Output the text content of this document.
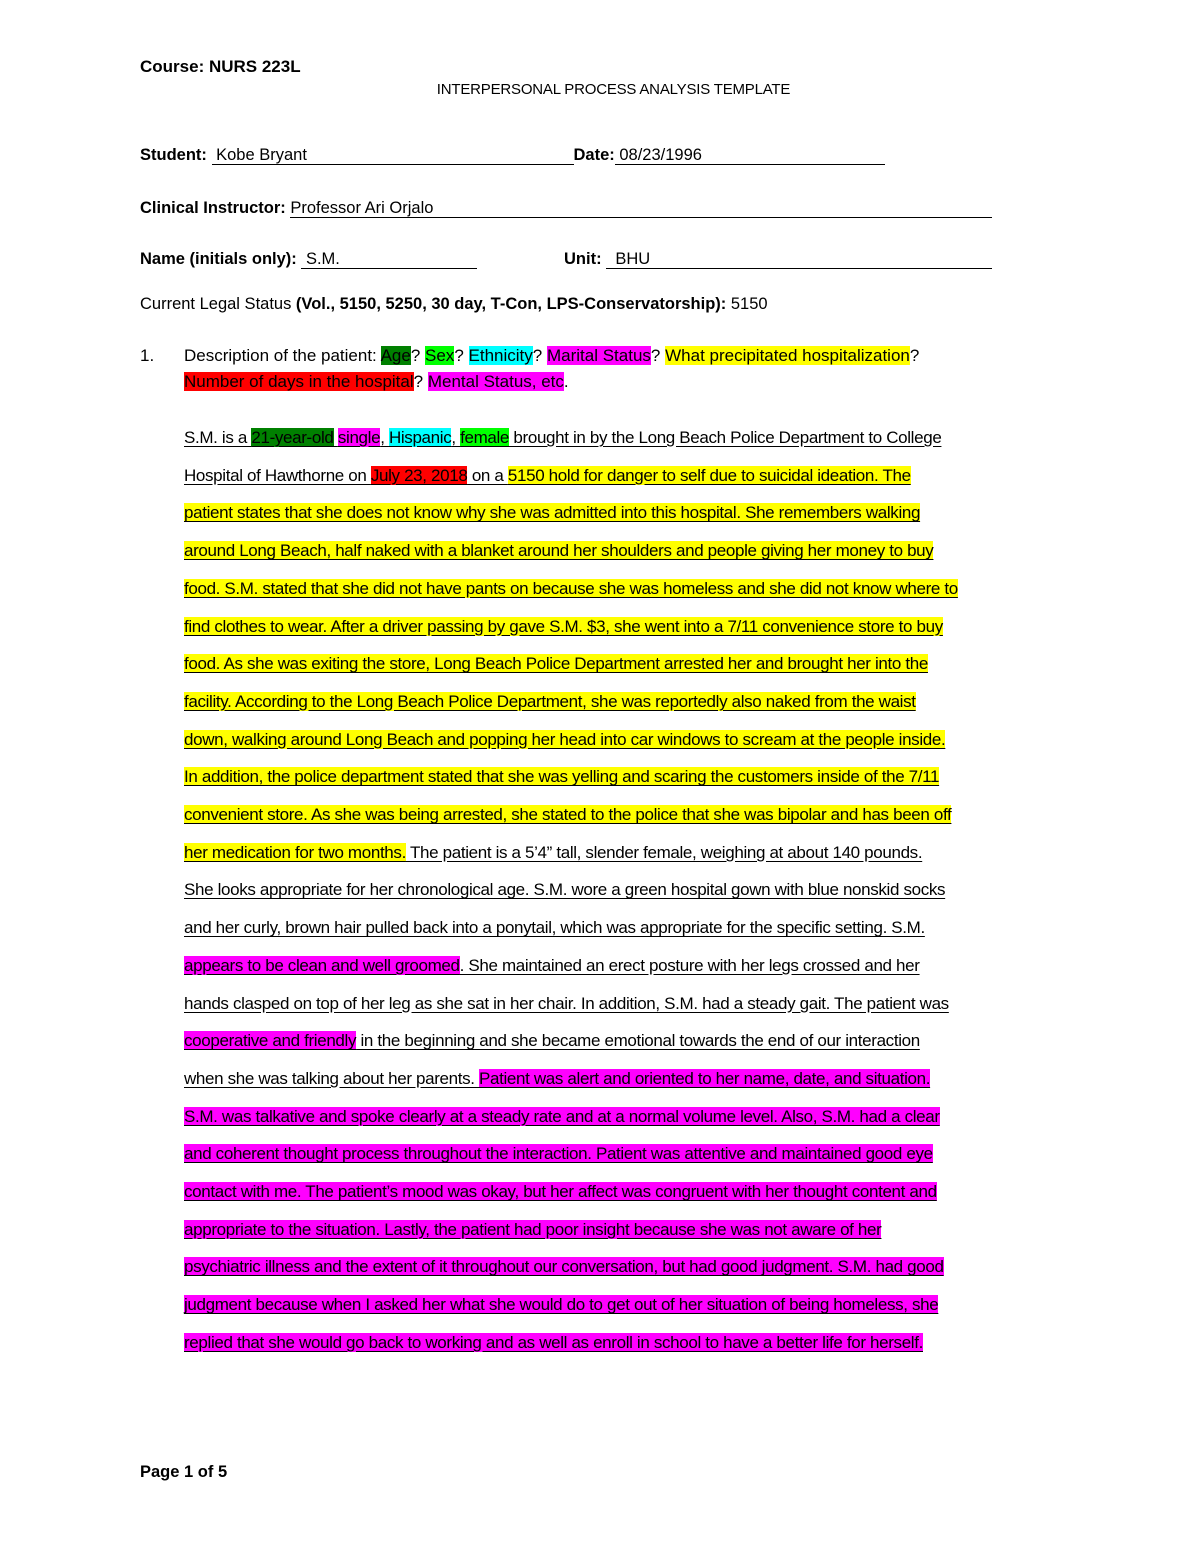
Course: NURS 223L
INTERPERSONAL PROCESS ANALYSIS TEMPLATE
Student: Kobe Bryant	Date: 08/23/1996
Clinical Instructor: Professor Ari Orjalo
Name (initials only): S.M.	Unit: BHU
Current Legal Status (Vol., 5150, 5250, 30 day, T-Con, LPS-Conservatorship): 5150
1. Description of the patient: Age? Sex? Ethnicity? Marital Status? What precipitated hospitalization?
Number of days in the hospital? Mental Status, etc.
S.M. is a 21-year-old single, Hispanic, female brought in by the Long Beach Police Department to College
Hospital of Hawthorne on July 23, 2018 on a 5150 hold for danger to self due to suicidal ideation. The
patient states that she does not know why she was admitted into this hospital. She remembers walking
around Long Beach, half naked with a blanket around her shoulders and people giving her money to buy
food. S.M. stated that she did not have pants on because she was homeless and she did not know where to
find clothes to wear. After a driver passing by gave S.M. $3, she went into a 7/11 convenience store to buy
food. As she was exiting the store, Long Beach Police Department arrested her and brought her into the
facility. According to the Long Beach Police Department, she was reportedly also naked from the waist
down, walking around Long Beach and popping her head into car windows to scream at the people inside.
In addition, the police department stated that she was yelling and scaring the customers inside of the 7/11
convenient store. As she was being arrested, she stated to the police that she was bipolar and has been off
her medication for two months. The patient is a 5’4” tall, slender female, weighing at about 140 pounds.
She looks appropriate for her chronological age. S.M. wore a green hospital gown with blue nonskid socks
and her curly, brown hair pulled back into a ponytail, which was appropriate for the specific setting. S.M.
appears to be clean and well groomed. She maintained an erect posture with her legs crossed and her
hands clasped on top of her leg as she sat in her chair. In addition, S.M. had a steady gait. The patient was
cooperative and friendly in the beginning and she became emotional towards the end of our interaction
when she was talking about her parents. Patient was alert and oriented to her name, date, and situation.
S.M. was talkative and spoke clearly at a steady rate and at a normal volume level. Also, S.M. had a clear
and coherent thought process throughout the interaction. Patient was attentive and maintained good eye
contact with me. The patient’s mood was okay, but her affect was congruent with her thought content and
appropriate to the situation. Lastly, the patient had poor insight because she was not aware of her
psychiatric illness and the extent of it throughout our conversation, but had good judgment. S.M. had good
judgment because when I asked her what she would do to get out of her situation of being homeless, she
replied that she would go back to working and as well as enroll in school to have a better life for herself.
Page 1 of 5
